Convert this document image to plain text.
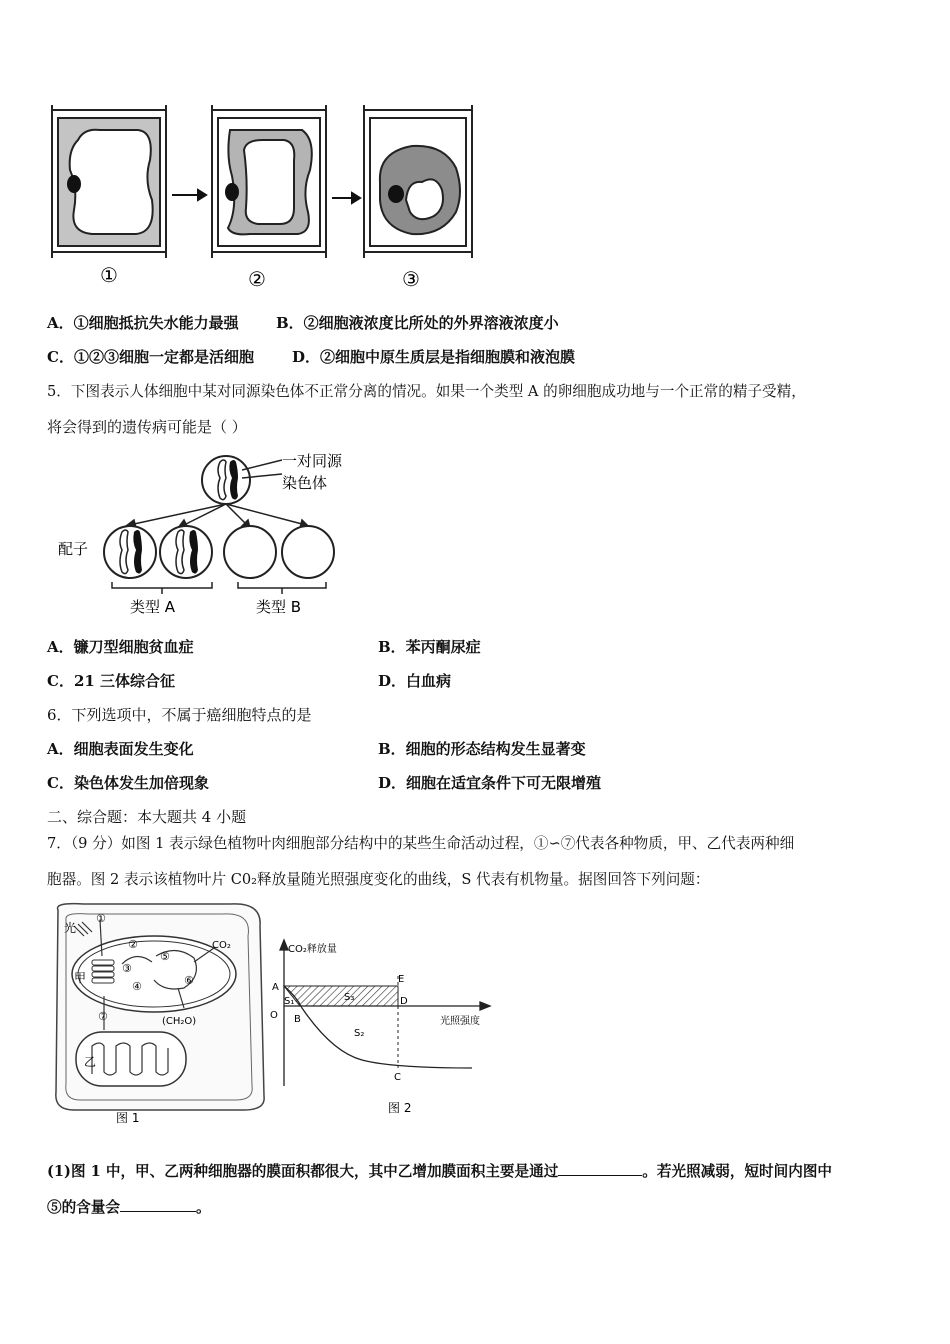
①	②	③
A．①细胞抵抗失水能力最强 B．②细胞液浓度比所处的外界溶液浓度小
C．①②③细胞一定都是活细胞	D．②细胞中原生质层是指细胞膜和液泡膜
5．下图表示人体细胞中某对同源染色体不正常分离的情况。如果一个类型 A 的卵细胞成功地与一个正常的精子受精，
将会得到的遗传病可能是（ ）
一对同源
染色体
配子
类型 A	类型 B
A．镰刀型细胞贫血症	B．苯丙酮尿症
C．21 三体综合征	D．白血病
6．下列选项中，不属于癌细胞特点的是
A．细胞表面发生变化	B．细胞的形态结构发生显著变
C．染色体发生加倍现象	D．细胞在适宜条件下可无限增殖
二、综合题：本大题共 4 小题
7．（9 分）如图 1 表示绿色植物叶肉细胞部分结构中的某些生命活动过程，①∽⑦代表各种物质，甲、乙代表两种细
胞器。图 2 表示该植物叶片 C0₂释放量随光照强度变化的曲线，S 代表有机物量。据图回答下列问题：
光
甲
CO₂
(CH₂O)
①
②
③
④
⑤
⑥
⑦
乙
图 1
CO₂释放量
光照强度
A
B
C
D
E
O
S₁
S₂
S₃
图 2
(1)图 1 中，甲、乙两种细胞器的膜面积都很大，其中乙增加膜面积主要是通过	。若光照减弱，短时间内图中
⑤的含量会	。
